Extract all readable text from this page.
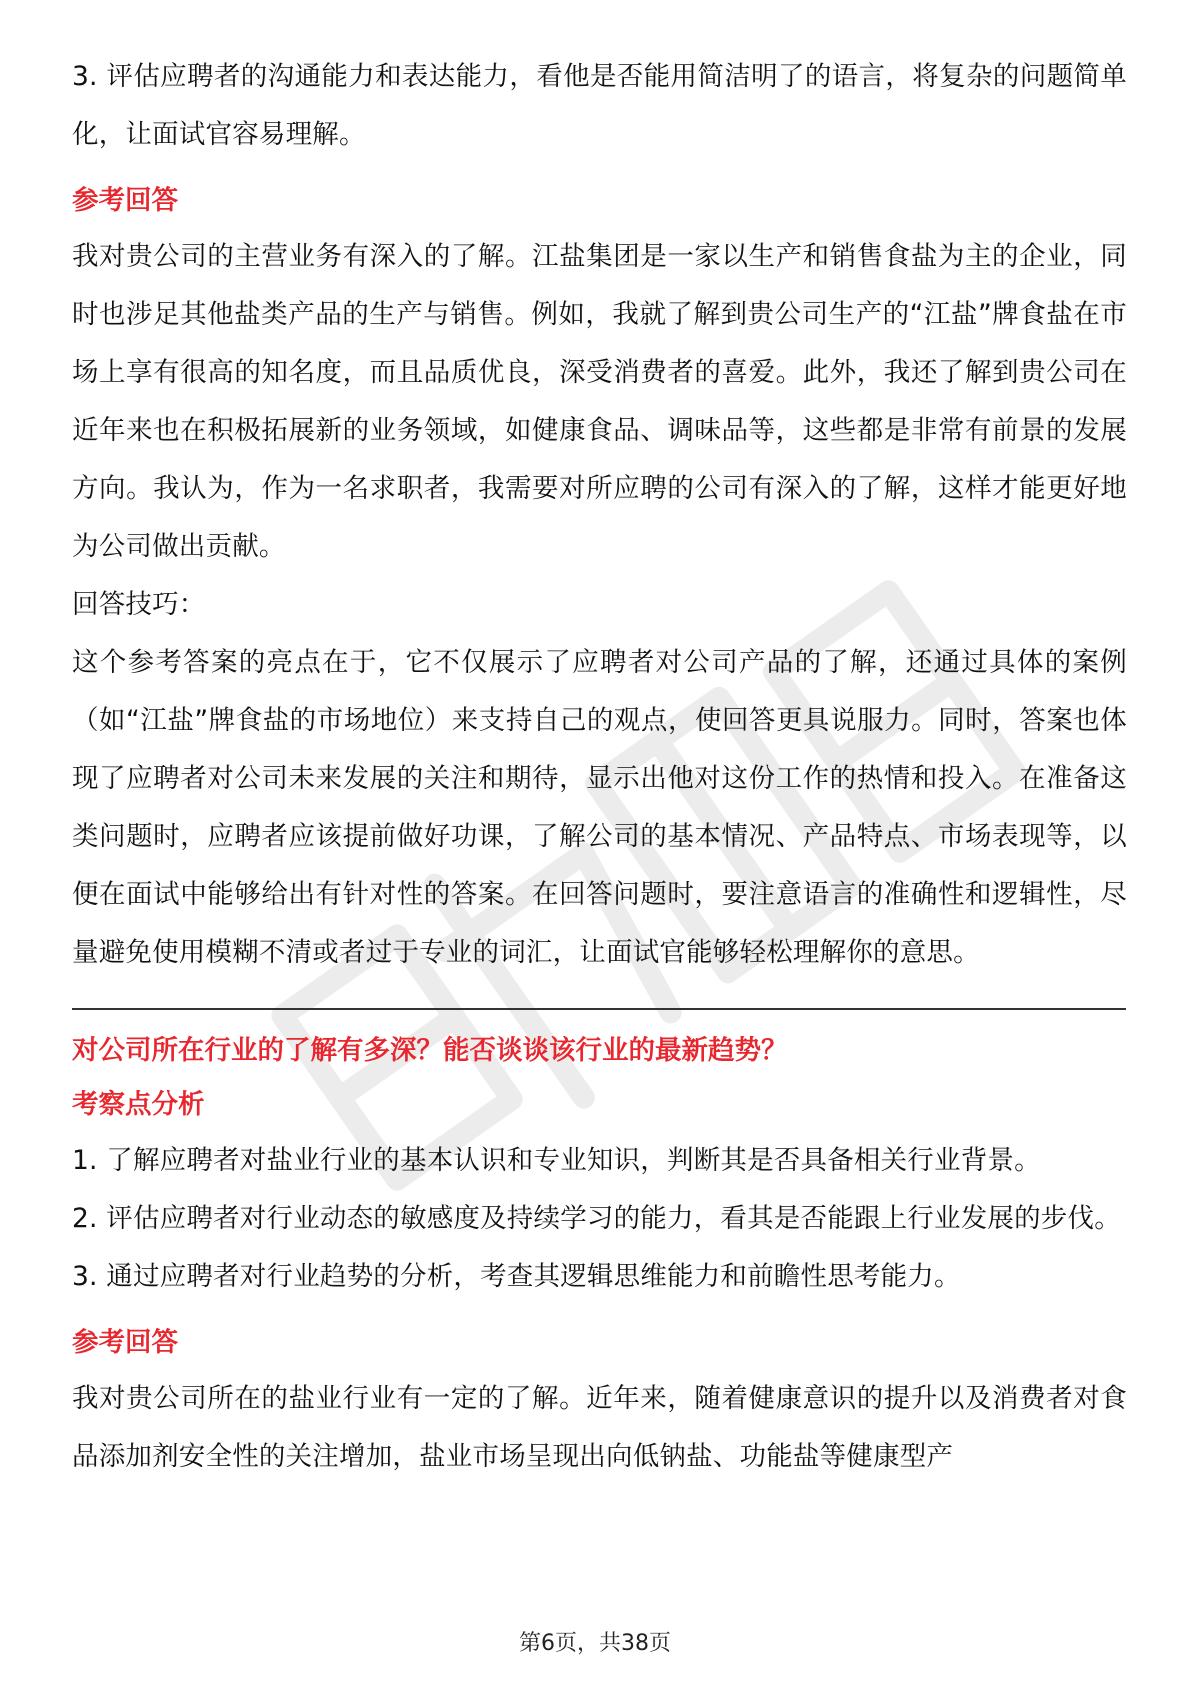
3. 评估应聘者的沟通能力和表达能力，看他是否能用简洁明了的语言，将复杂的问题简单化，让面试官容易理解。

参考回答

我对贵公司的主营业务有深入的了解。江盐集团是一家以生产和销售食盐为主的企业，同时也涉足其他盐类产品的生产与销售。例如，我就了解到贵公司生产的“江盐”牌食盐在市场上享有很高的知名度，而且品质优良，深受消费者的喜爱。此外，我还了解到贵公司在近年来也在积极拓展新的业务领域，如健康食品、调味品等，这些都是非常有前景的发展方向。我认为，作为一名求职者，我需要对所应聘的公司有深入的了解，这样才能更好地为公司做出贡献。

回答技巧：

这个参考答案的亮点在于，它不仅展示了应聘者对公司产品的了解，还通过具体的案例（如“江盐”牌食盐的市场地位）来支持自己的观点，使回答更具说服力。同时，答案也体现了应聘者对公司未来发展的关注和期待，显示出他对这份工作的热情和投入。在准备这类问题时，应聘者应该提前做好功课，了解公司的基本情况、产品特点、市场表现等，以便在面试中能够给出有针对性的答案。在回答问题时，要注意语言的准确性和逻辑性，尽量避免使用模糊不清或者过于专业的词汇，让面试官能够轻松理解你的意思。

对公司所在行业的了解有多深？能否谈谈该行业的最新趋势？

考察点分析

1. 了解应聘者对盐业行业的基本认识和专业知识，判断其是否具备相关行业背景。

2. 评估应聘者对行业动态的敏感度及持续学习的能力，看其是否能跟上行业发展的步伐。

3. 通过应聘者对行业趋势的分析，考查其逻辑思维能力和前瞻性思考能力。

参考回答

我对贵公司所在的盐业行业有一定的了解。近年来，随着健康意识的提升以及消费者对食品添加剂安全性的关注增加，盐业市场呈现出向低钠盐、功能盐等健康型产

第6页，共38页
